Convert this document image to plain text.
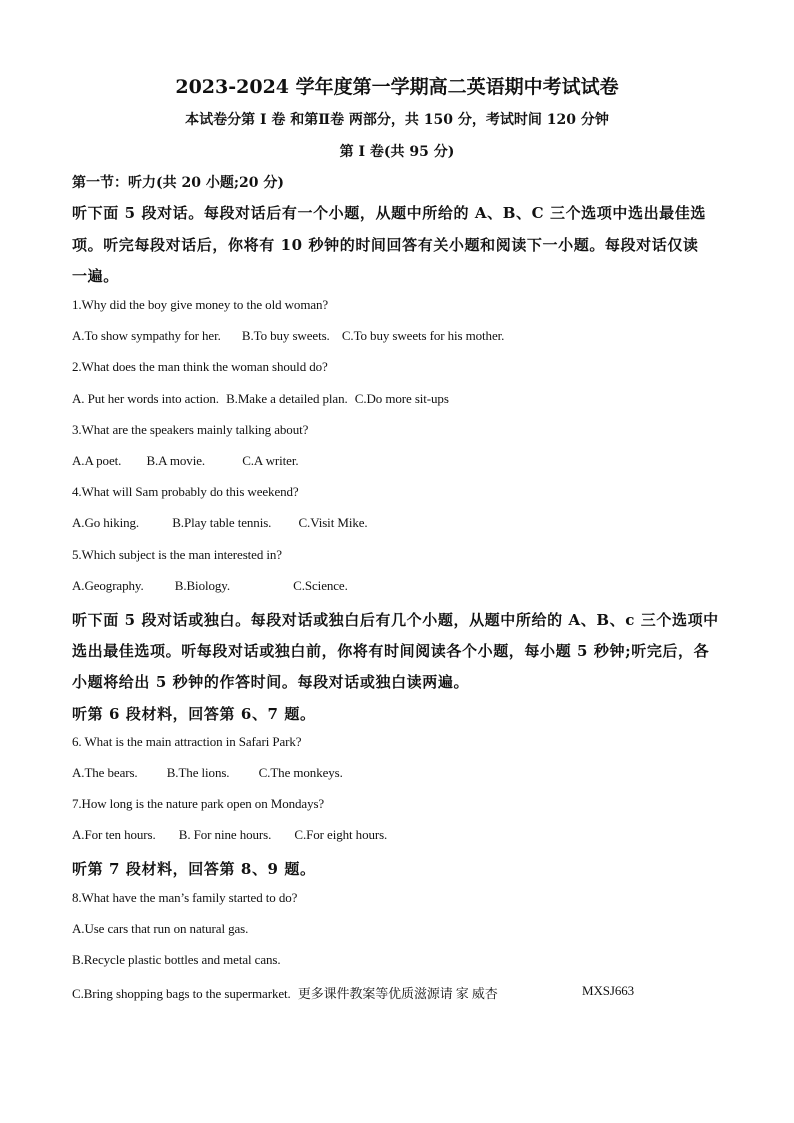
2023-2024 学年度第一学期高二英语期中考试试卷
本试卷分第 I 卷 和第Ⅱ卷 两部分，共 150 分，考试时间 120 分钟
第 I 卷(共 95 分)
第一节：听力(共 20 小题;20 分)
听下面 5 段对话。每段对话后有一个小题，从题中所给的 A、B、C 三个选项中选出最佳选
项。听完每段对话后，你将有 10 秒钟的时间回答有关小题和阅读下一小题。每段对话仅读
一遍。
1.Why did the boy give money to the old woman?
A.To show sympathy for her. B.To buy sweets. C.To buy sweets for his mother.
2.What does the man think the woman should do?
A. Put her words into action. B.Make a detailed plan. C.Do more sit-ups
3.What are the speakers mainly talking about?
A.A poet. B.A movie.	C.A writer.
4.What will Sam probably do this weekend?
A.Go hiking.	B.Play table tennis. C.Visit Mike.
5.Which subject is the man interested in?
A.Geography. B.Biology.	C.Science.
听下面 5 段对话或独白。每段对话或独白后有几个小题，从题中所给的 A、B、c 三个选项中
选出最佳选项。听每段对话或独白前，你将有时间阅读各个小题，每小题 5 秒钟;听完后，各
小题将给出 5 秒钟的作答时间。每段对话或独白读两遍。
听第 6 段材料，回答第 6、7 题。
6. What is the main attraction in Safari Park?
A.The bears. B.The lions. C.The monkeys.
7.How long is the nature park open on Mondays?
A.For ten hours. B. For nine hours. C.For eight hours.
听第 7 段材料，回答第 8、9 题。
8.What have the man’s family started to do?
A.Use cars that run on natural gas.
B.Recycle plastic bottles and metal cans.
C.Bring shopping bags to the supermarket. 更多课件教案等优质滋源请 家 威杏	MXSJ663
